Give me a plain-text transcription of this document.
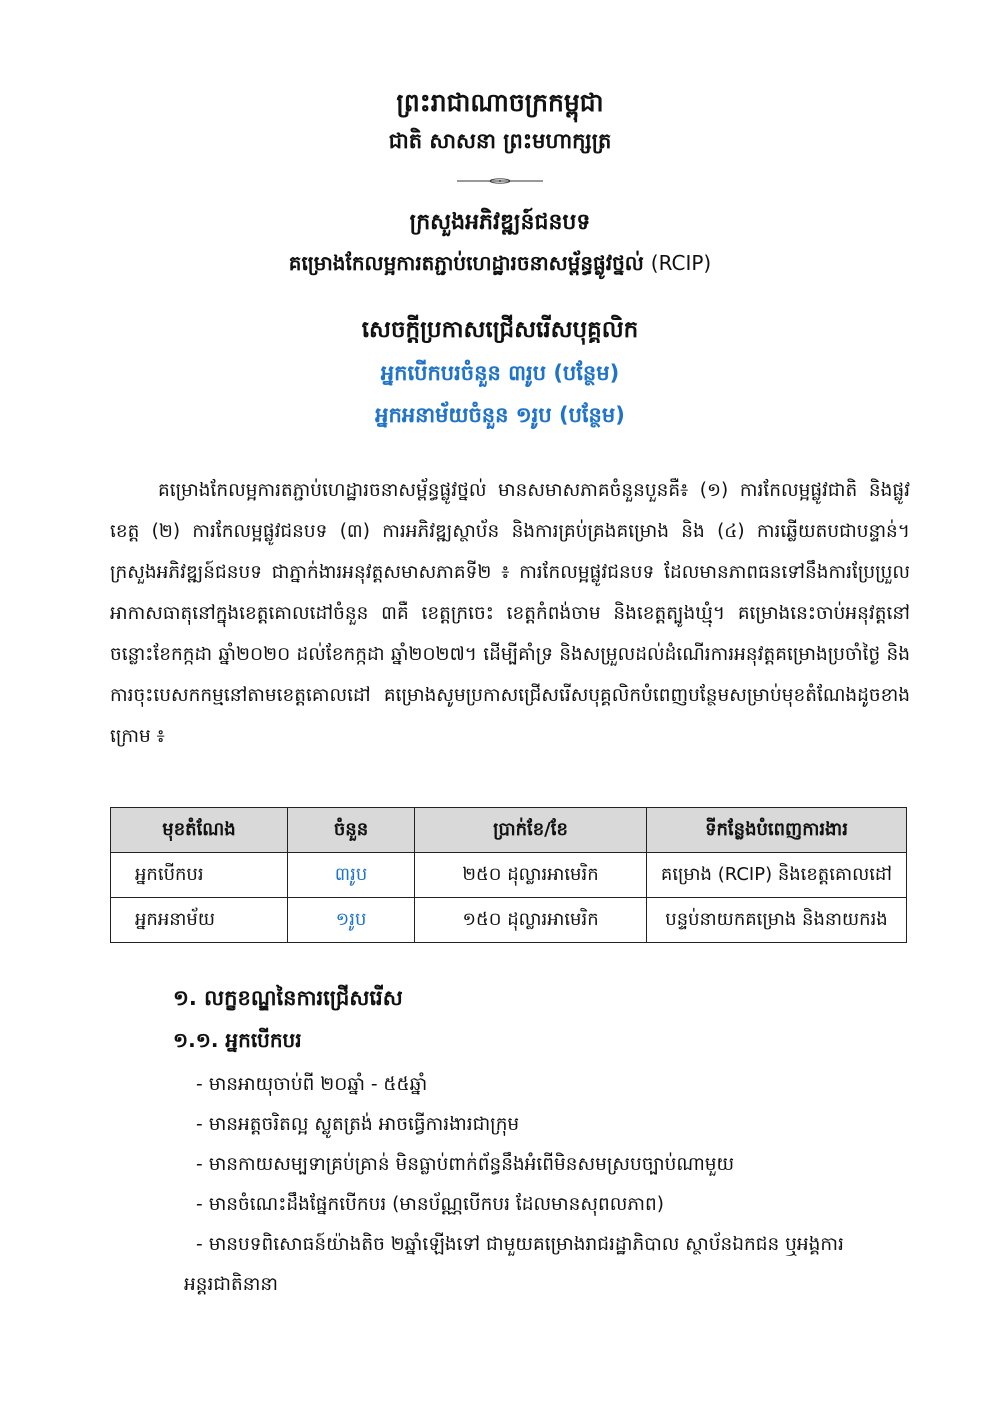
ព្រះរាជាណាចក្រកម្ពុជា
ជាតិ សាសនា ព្រះមហាក្សត្រ
ក្រសួងអភិវឌ្ឍន៍ជនបទ
គម្រោងកែលម្អការតភ្ជាប់ហេដ្ឋារចនាសម្ព័ន្ធផ្លូវថ្នល់ (RCIP)
សេចក្ដីប្រកាសជ្រើសរើសបុគ្គលិក
អ្នកបើកបរចំនួន ៣រូប (បន្ថែម)
អ្នកអនាម័យចំនួន ១រូប (បន្ថែម)
គម្រោងកែលម្អការតភ្ជាប់ហេដ្ឋារចនាសម្ព័ន្ធផ្លូវថ្នល់ មានសមាសភាគចំនួនបួនគឺ៖ (១) ការកែលម្អផ្លូវជាតិ និងផ្លូវខេត្ត (២) ការកែលម្អផ្លូវជនបទ (៣) ការអភិវឌ្ឍស្ថាប័ន និងការគ្រប់គ្រងគម្រោង និង (៤) ការឆ្លើយតបជាបន្ទាន់។ ក្រសួងអភិវឌ្ឍន៍ជនបទ ជាភ្នាក់ងារអនុវត្តសមាសភាគទី២ ៖ ការកែលម្អផ្លូវជនបទ ដែលមានភាពធនទៅនឹងការប្រែប្រួលអាកាសធាតុនៅក្នុងខេត្តគោលដៅចំនួន ៣គឺ ខេត្តក្រចេះ ខេត្តកំពង់ចាម និងខេត្តត្បូងឃ្មុំ។ គម្រោងនេះចាប់អនុវត្តនៅចន្លោះខែកក្កដា ឆ្នាំ២០២០ ដល់ខែកក្កដា ឆ្នាំ២០២៧។ ដើម្បីគាំទ្រ និងសម្រួលដល់ដំណើរការអនុវត្តគម្រោងប្រចាំថ្ងៃ និងការចុះបេសកកម្មនៅតាមខេត្តគោលដៅ គម្រោងសូមប្រកាសជ្រើសរើសបុគ្គលិកបំពេញបន្ថែមសម្រាប់មុខតំណែងដូចខាងក្រោម ៖
មុខតំណែង	ចំនួន	ប្រាក់ខែ/ខែ	ទីកន្លែងបំពេញការងារ
អ្នកបើកបរ	៣រូប	២៥០ ដុល្លារអាមេរិក	គម្រោង (RCIP) និងខេត្តគោលដៅ
អ្នកអនាម័យ	១រូប	១៥០ ដុល្លារអាមេរិក	បន្ទប់នាយកគម្រោង និងនាយករង
១. លក្ខខណ្ឌនៃការជ្រើសរើស
១.១. អ្នកបើកបរ
- មានអាយុចាប់ពី ២០ឆ្នាំ - ៥៥ឆ្នាំ
- មានអត្តចរិតល្អ ស្លូតត្រង់ អាចធ្វើការងារជាក្រុម
- មានកាយសម្បទាគ្រប់គ្រាន់ មិនធ្លាប់ពាក់ព័ន្ធនឹងអំពើមិនសមស្របច្បាប់ណាមួយ
- មានចំណេះដឹងផ្នែកបើកបរ (មានប័ណ្ណបើកបរ ដែលមានសុពលភាព)
- មានបទពិសោធន៍យ៉ាងតិច ២ឆ្នាំឡើងទៅ ជាមួយគម្រោងរាជរដ្ឋាភិបាល ស្ថាប័នឯកជន ឬអង្គការ
អន្តរជាតិនានា
